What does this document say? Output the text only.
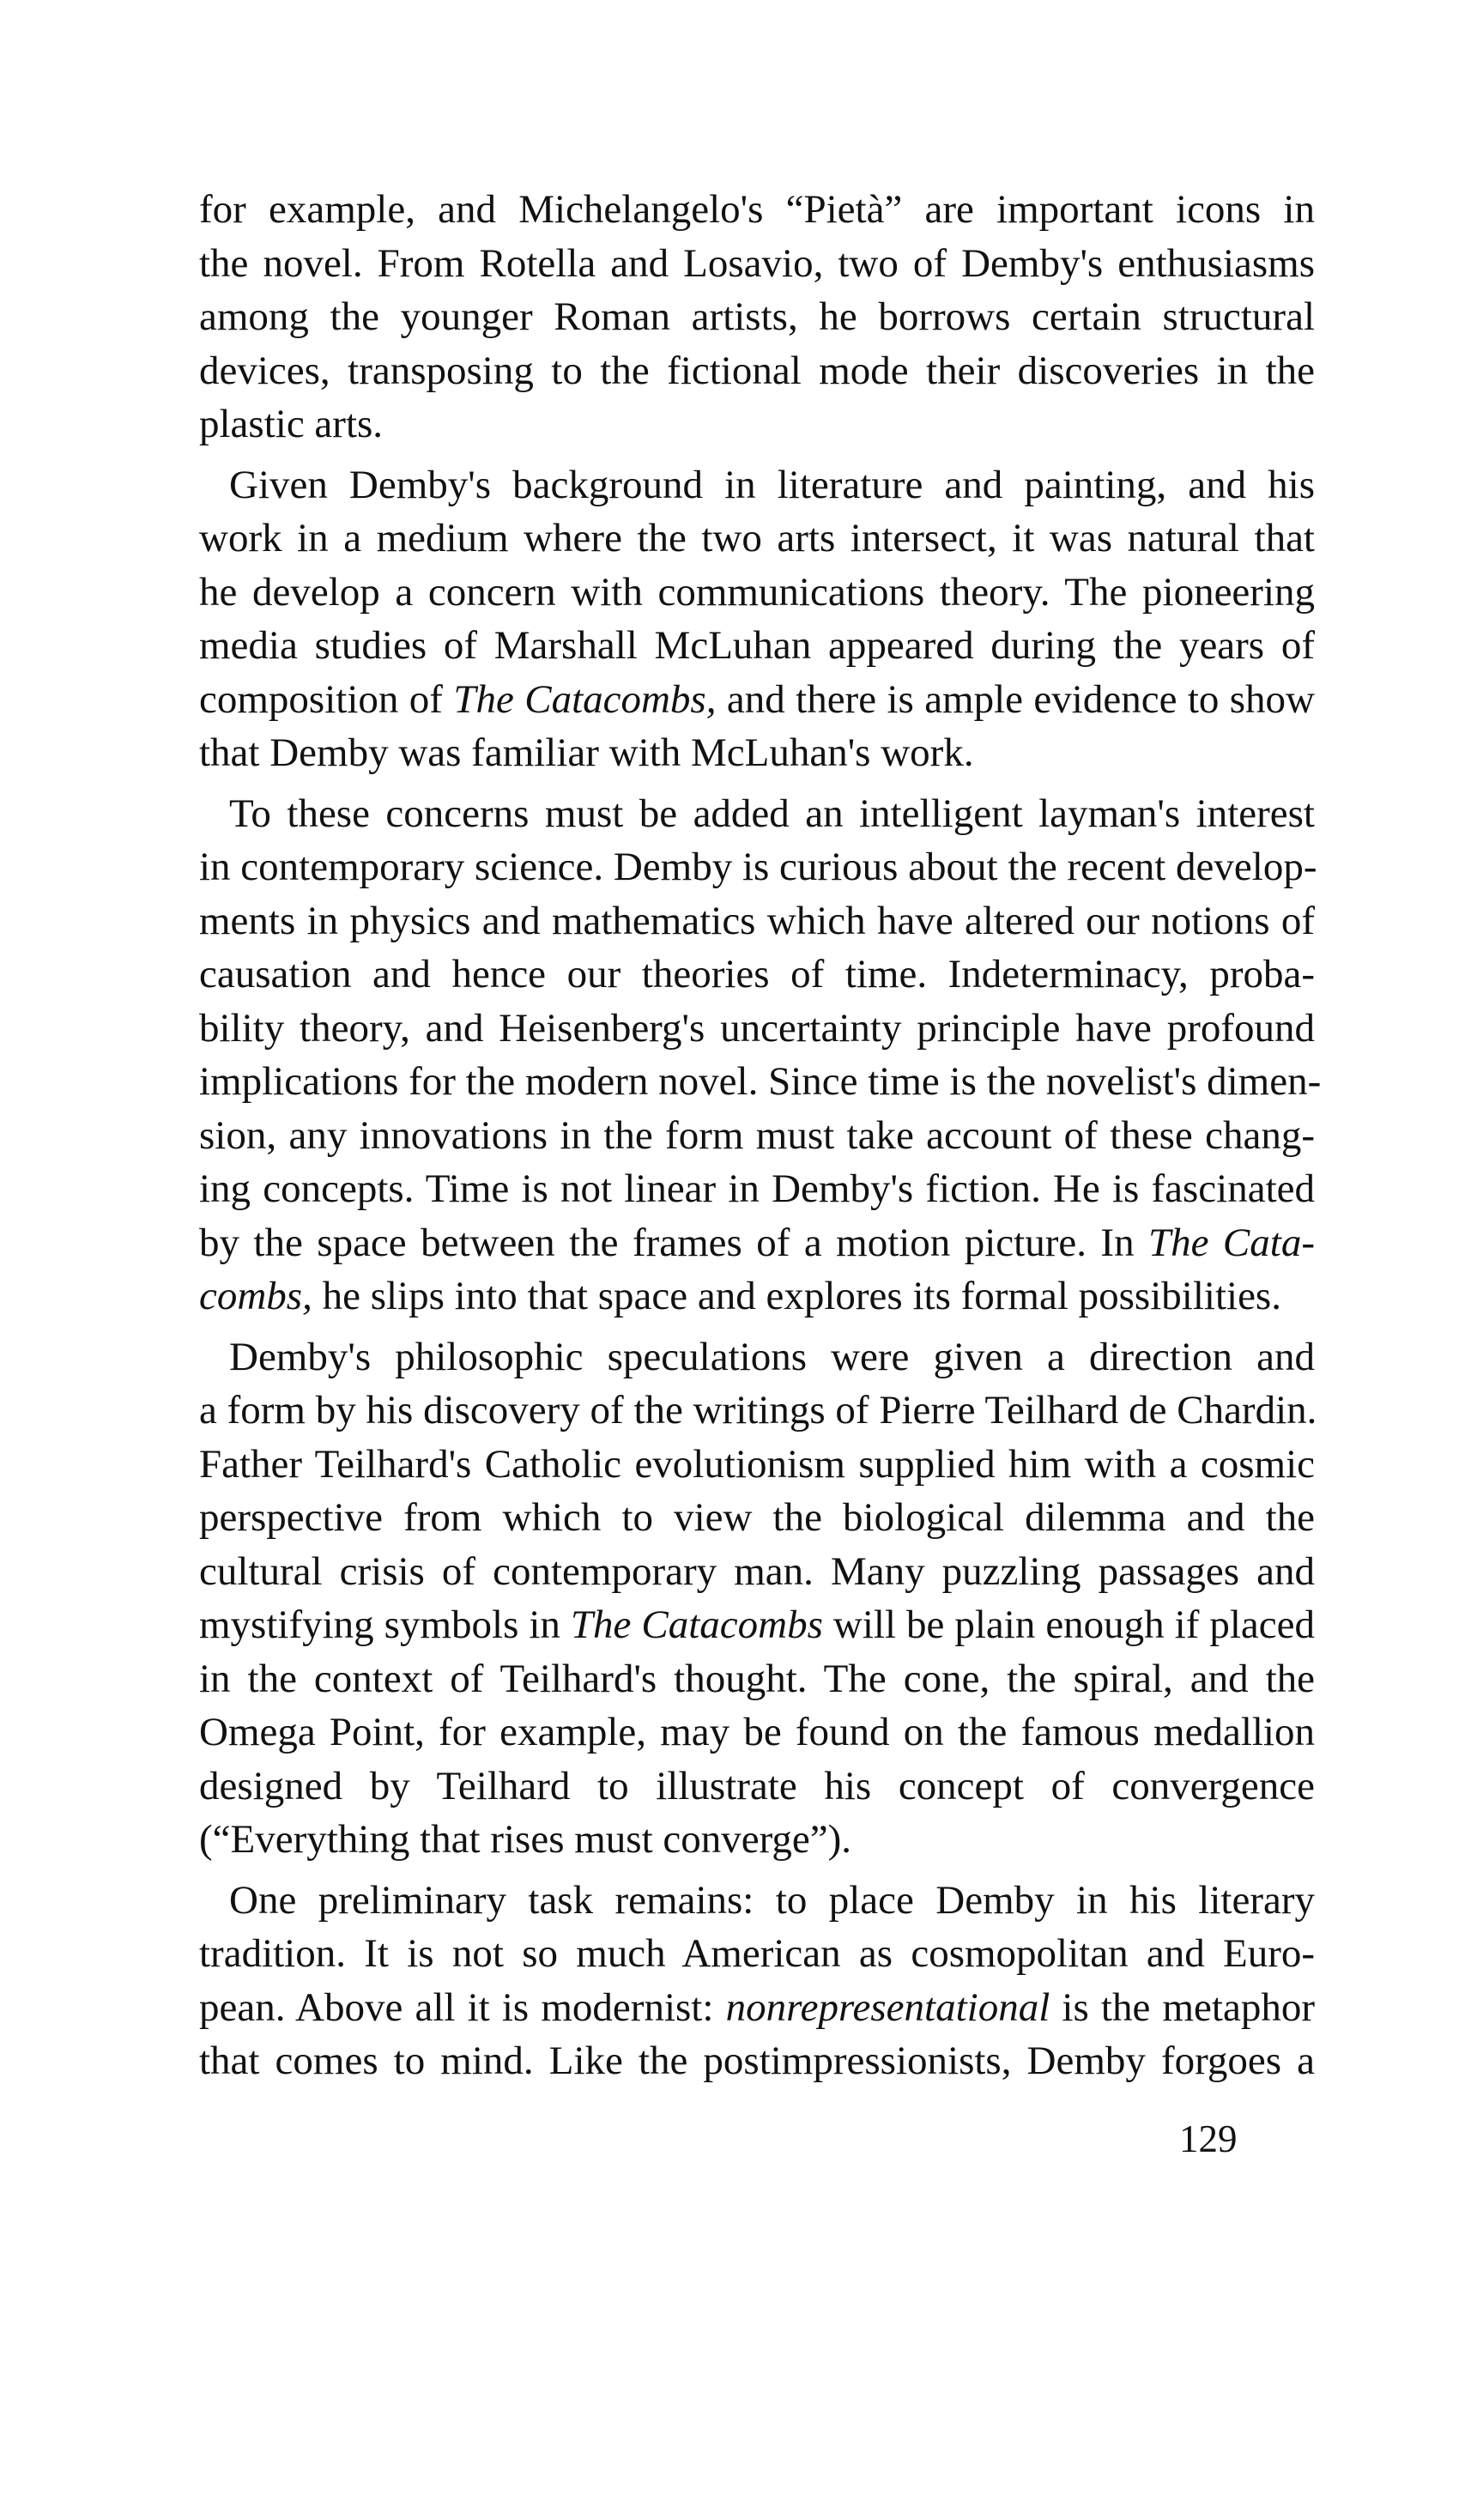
for example, and Michelangelo's “Pietà” are important icons in
the novel. From Rotella and Losavio, two of Demby's enthusiasms
among the younger Roman artists, he borrows certain structural
devices, transposing to the fictional mode their discoveries in the
plastic arts.

Given Demby's background in literature and painting, and his
work in a medium where the two arts intersect, it was natural that
he develop a concern with communications theory. The pioneering
media studies of Marshall McLuhan appeared during the years of
composition of The Catacombs, and there is ample evidence to show
that Demby was familiar with McLuhan's work.

To these concerns must be added an intelligent layman's interest
in contemporary science. Demby is curious about the recent develop-
ments in physics and mathematics which have altered our notions of
causation and hence our theories of time. Indeterminacy, proba-
bility theory, and Heisenberg's uncertainty principle have profound
implications for the modern novel. Since time is the novelist's dimen-
sion, any innovations in the form must take account of these chang-
ing concepts. Time is not linear in Demby's fiction. He is fascinated
by the space between the frames of a motion picture. In The Cata-
combs, he slips into that space and explores its formal possibilities.

Demby's philosophic speculations were given a direction and
a form by his discovery of the writings of Pierre Teilhard de Chardin.
Father Teilhard's Catholic evolutionism supplied him with a cosmic
perspective from which to view the biological dilemma and the
cultural crisis of contemporary man. Many puzzling passages and
mystifying symbols in The Catacombs will be plain enough if placed
in the context of Teilhard's thought. The cone, the spiral, and the
Omega Point, for example, may be found on the famous medallion
designed by Teilhard to illustrate his concept of convergence
(“Everything that rises must converge”).

One preliminary task remains: to place Demby in his literary
tradition. It is not so much American as cosmopolitan and Euro-
pean. Above all it is modernist: nonrepresentational is the metaphor
that comes to mind. Like the postimpressionists, Demby forgoes a

129
